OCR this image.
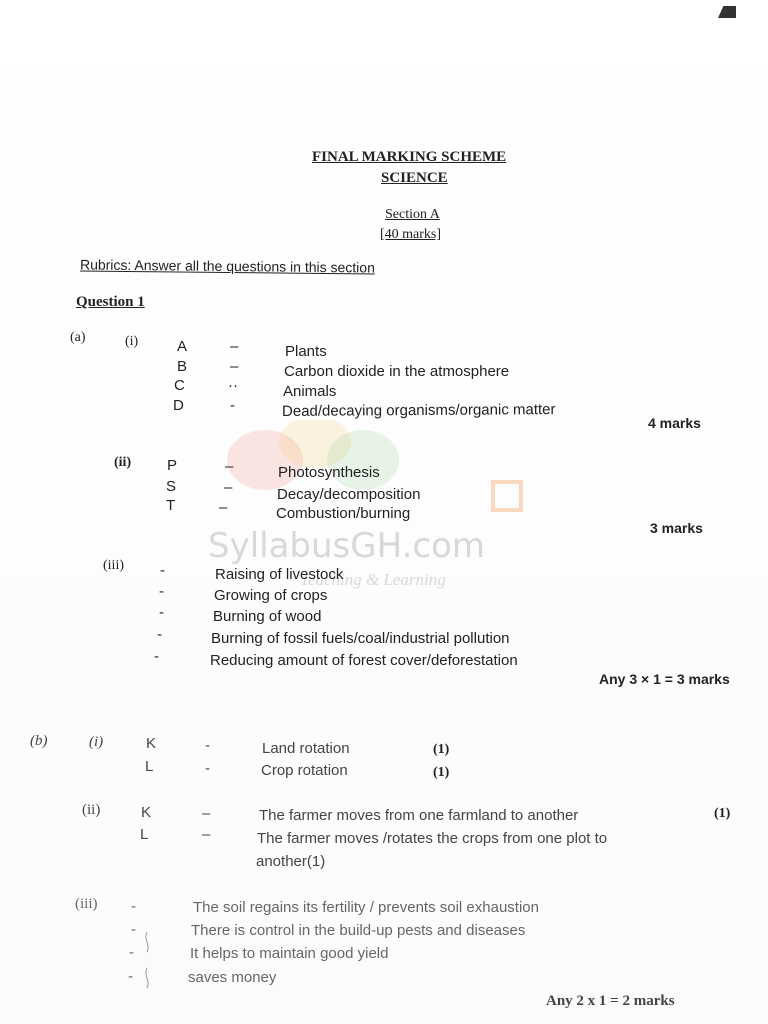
SyllabusGH.com
Teaching & Learning
FINAL MARKING SCHEME
SCIENCE
Section A
[40 marks]
Rubrics: Answer all the questions in this section
Question 1
(a)	(i)	A	–	Plants
B	–	Carbon dioxide in the atmosphere
C	··	Animals
D	-	Dead/decaying organisms/organic matter
4 marks
(ii) P	–	Photosynthesis
S	–	Decay/decomposition
T	–	Combustion/burning
3 marks
(iii) -	Raising of livestock
-	Growing of crops
-	Burning of wood
-	Burning of fossil fuels/coal/industrial pollution
-	Reducing amount of forest cover/deforestation
Any 3 × 1 = 3 marks
(b)	(i)	K	-	Land rotation	(1)
L	-	Crop rotation	(1)
(ii)	K	–	The farmer moves from one farmland to another	(1)
L	–	The farmer moves /rotates the crops from one plot to
another(1)
(iii) -	The soil regains its fertility / prevents soil exhaustion
-	There is control in the build-up pests and diseases
-	It helps to maintain good yield
-	saves money
Any 2 x 1 = 2 marks
